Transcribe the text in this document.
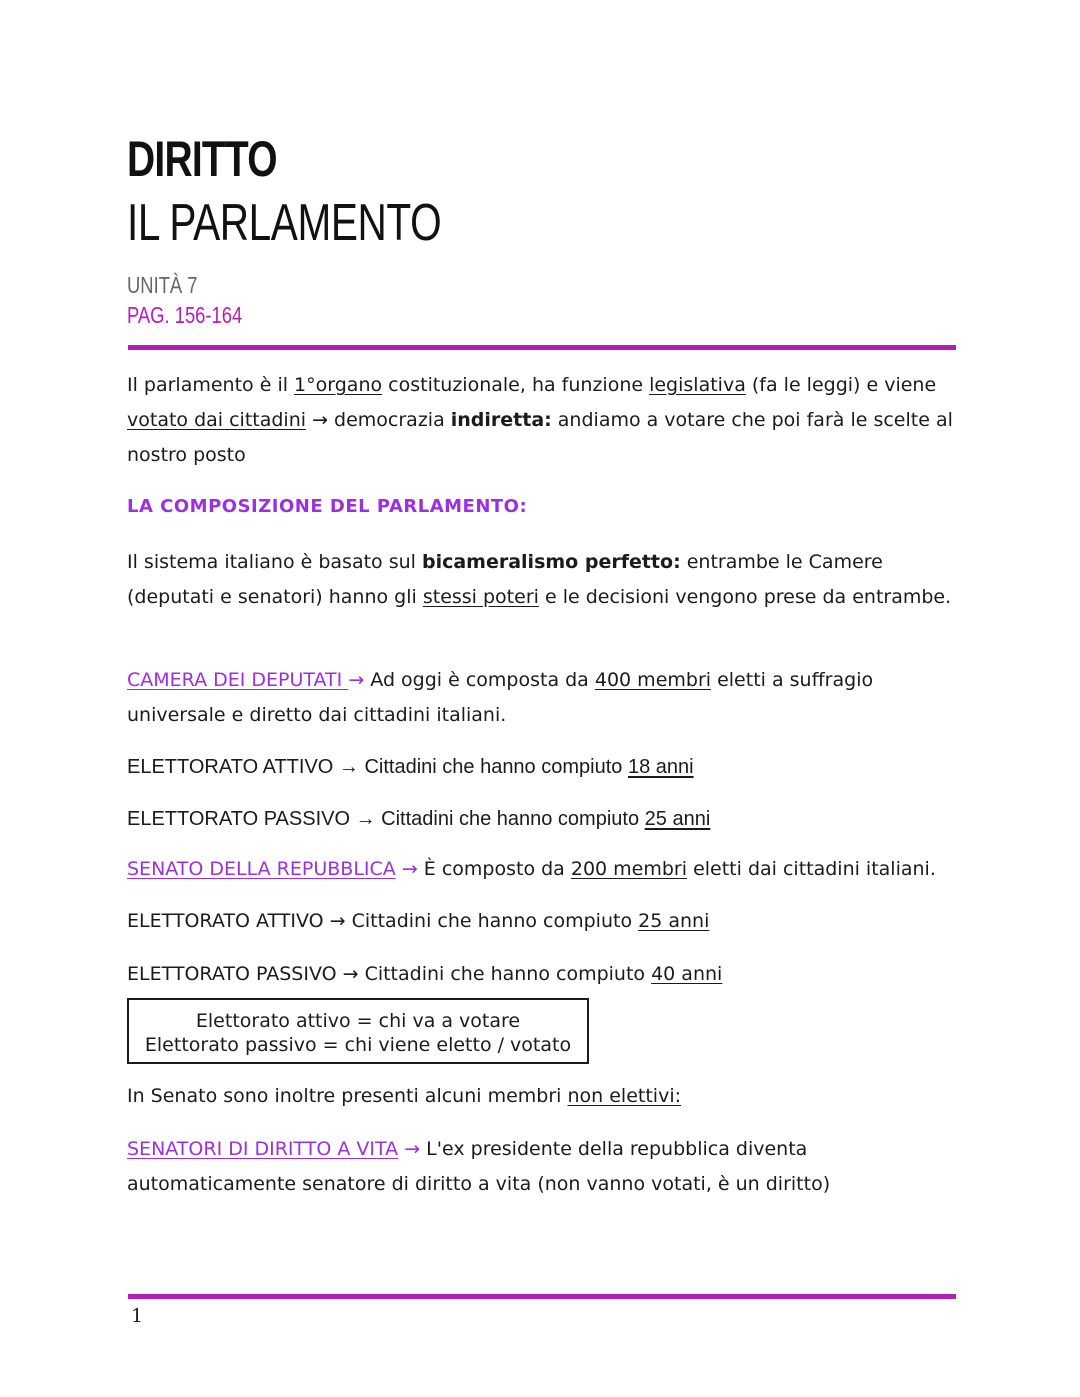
DIRITTO
IL PARLAMENTO
UNITÀ 7
PAG. 156-164
Il parlamento è il 1°organo costituzionale, ha funzione legislativa (fa le leggi) e viene votato dai cittadini → democrazia indiretta: andiamo a votare che poi farà le scelte al nostro posto
LA COMPOSIZIONE DEL PARLAMENTO:
Il sistema italiano è basato sul bicameralismo perfetto: entrambe le Camere (deputati e senatori) hanno gli stessi poteri e le decisioni vengono prese da entrambe.
CAMERA DEI DEPUTATI → Ad oggi è composta da 400 membri eletti a suffragio universale e diretto dai cittadini italiani.
ELETTORATO ATTIVO → Cittadini che hanno compiuto 18 anni
ELETTORATO PASSIVO → Cittadini che hanno compiuto 25 anni
SENATO DELLA REPUBBLICA → È composto da 200 membri eletti dai cittadini italiani.
ELETTORATO ATTIVO → Cittadini che hanno compiuto 25 anni
ELETTORATO PASSIVO → Cittadini che hanno compiuto 40 anni
Elettorato attivo = chi va a votare
Elettorato passivo = chi viene eletto / votato
In Senato sono inoltre presenti alcuni membri non elettivi:
SENATORI DI DIRITTO A VITA → L'ex presidente della repubblica diventa automaticamente senatore di diritto a vita (non vanno votati, è un diritto)
1
